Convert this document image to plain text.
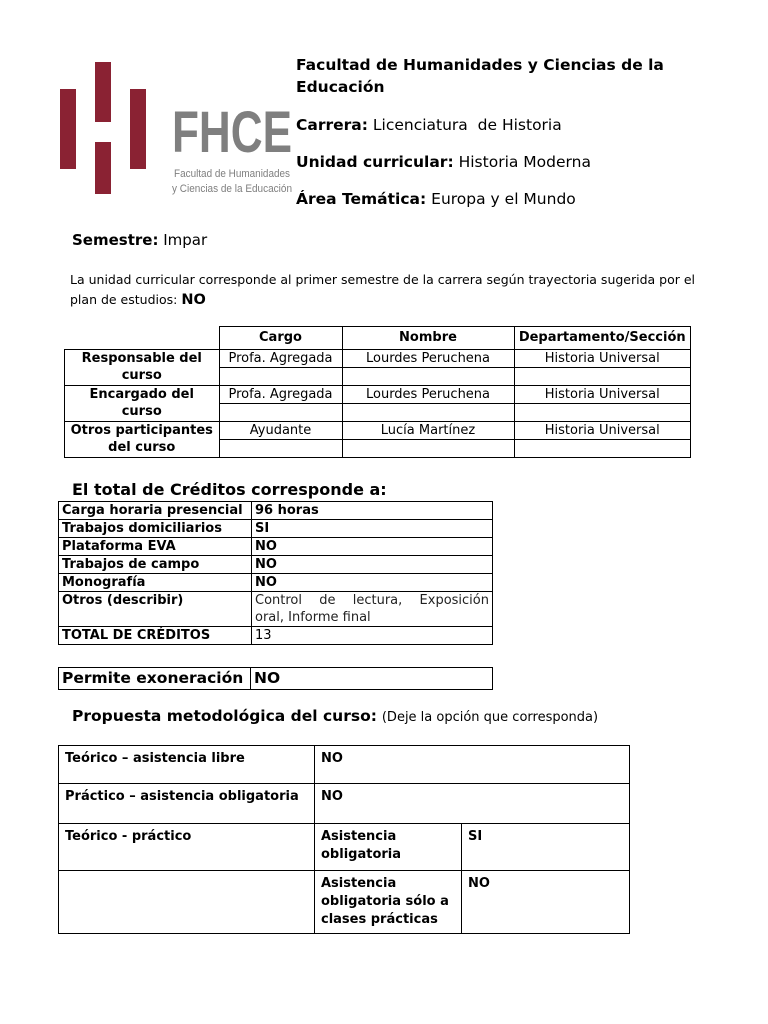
FHCE
Facultad de Humanidades
y Ciencias de la Educación
Facultad de Humanidades y Ciencias de la Educación
Carrera: Licenciatura  de Historia
Unidad curricular: Historia Moderna
Área Temática: Europa y el Mundo
Semestre: Impar
La unidad curricular corresponde al primer semestre de la carrera según trayectoria sugerida por el plan de estudios: NO
	Cargo	Nombre	Departamento/Sección
Responsable del curso	Profa. Agregada	Lourdes Peruchena	Historia Universal

Encargado del curso	Profa. Agregada	Lourdes Peruchena	Historia Universal

Otros participantes del curso	Ayudante	Lucía Martínez	Historia Universal

El total de Créditos corresponde a:
Carga horaria presencial	96 horas
Trabajos domiciliarios	SI
Plataforma EVA	NO
Trabajos de campo	NO
Monografía	NO
Otros (describir)	Control de lectura, Exposición
oral, Informe final

TOTAL DE CRÉDITOS	13
Permite exoneración	NO
Propuesta metodológica del curso: (Deje la opción que corresponda)
Teórico – asistencia libre	NO	
Práctico – asistencia obligatoria	NO	
Teórico - práctico	Asistencia obligatoria	SI
	Asistencia obligatoria sólo a clases prácticas	NO
